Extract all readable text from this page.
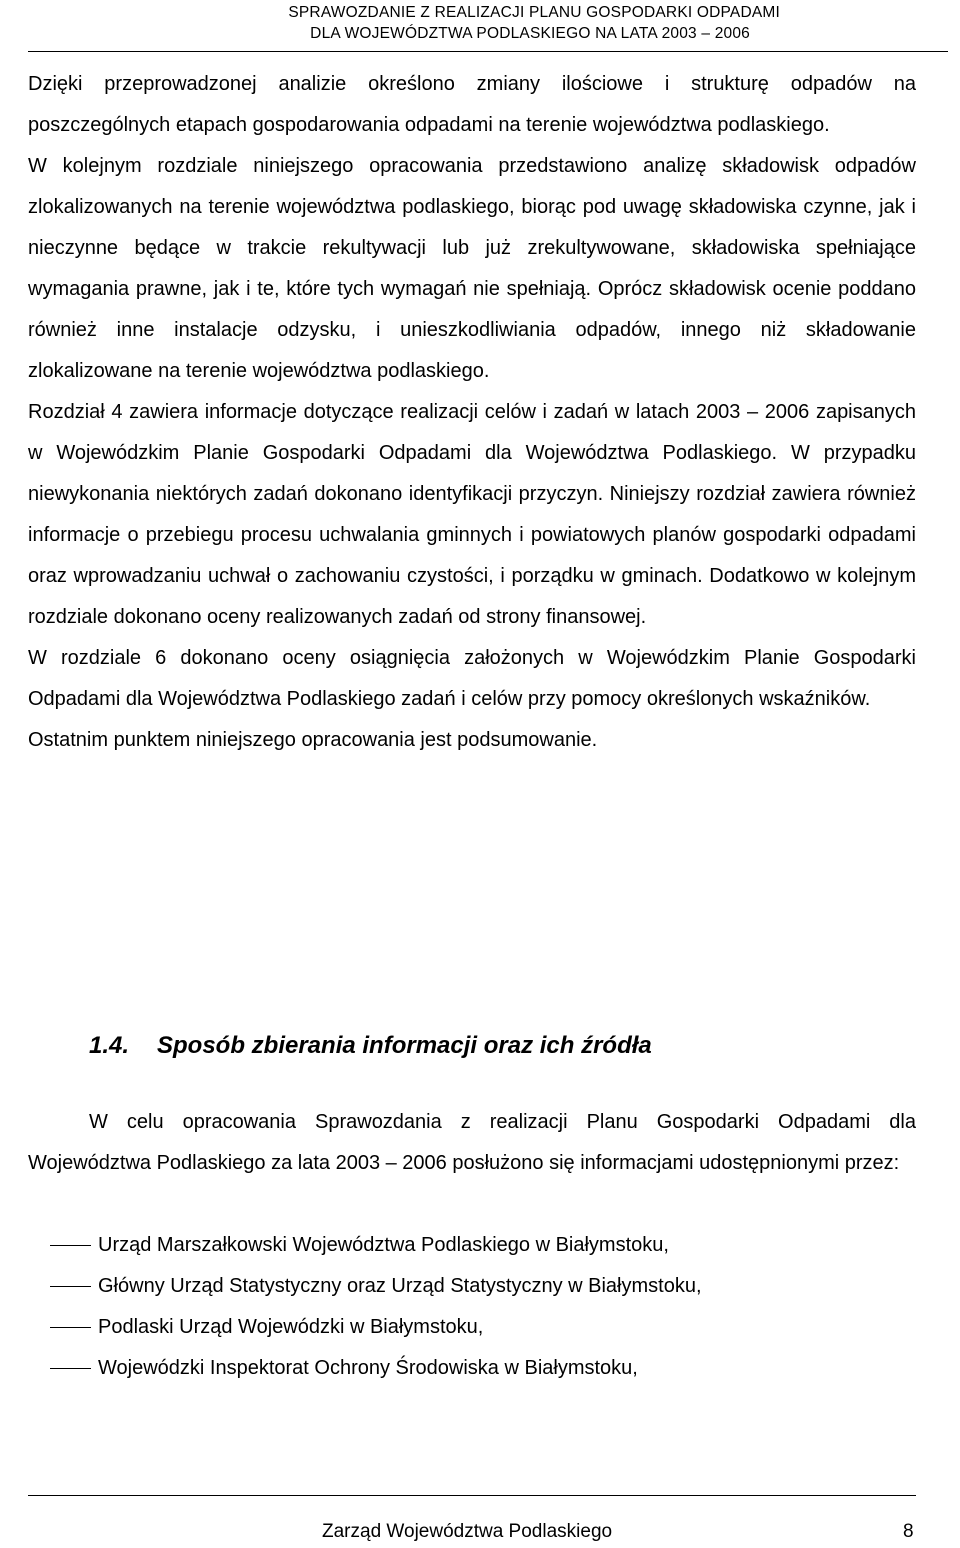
SPRAWOZDANIE Z REALIZACJI PLANU GOSPODARKI ODPADAMI
DLA WOJEWÓDZTWA PODLASKIEGO NA LATA 2003 – 2006

Dzięki przeprowadzonej analizie określono zmiany ilościowe i strukturę odpadów na poszczególnych etapach gospodarowania odpadami na terenie województwa podlaskiego.

W kolejnym rozdziale niniejszego opracowania przedstawiono analizę składowisk odpadów zlokalizowanych na terenie województwa podlaskiego, biorąc pod uwagę składowiska czynne, jak i nieczynne będące w trakcie rekultywacji lub już zrekultywowane, składowiska spełniające wymagania prawne, jak i te, które tych wymagań nie spełniają. Oprócz składowisk ocenie poddano również inne instalacje odzysku, i unieszkodliwiania odpadów, innego niż składowanie zlokalizowane na terenie województwa podlaskiego.

Rozdział 4 zawiera informacje dotyczące realizacji celów i zadań w latach 2003 – 2006 zapisanych w Wojewódzkim Planie Gospodarki Odpadami dla Województwa Podlaskiego. W przypadku niewykonania niektórych zadań dokonano identyfikacji przyczyn. Niniejszy rozdział zawiera również informacje o przebiegu procesu uchwalania gminnych i powiatowych planów gospodarki odpadami oraz wprowadzaniu uchwał o zachowaniu czystości, i porządku w gminach. Dodatkowo w kolejnym rozdziale dokonano oceny realizowanych zadań od strony finansowej.

W rozdziale 6 dokonano oceny osiągnięcia założonych w Wojewódzkim Planie Gospodarki Odpadami dla Województwa Podlaskiego zadań i celów przy pomocy określonych wskaźników.

Ostatnim punktem niniejszego opracowania jest podsumowanie.

1.4. Sposób zbierania informacji oraz ich źródła

W celu opracowania Sprawozdania z realizacji Planu Gospodarki Odpadami dla Województwa Podlaskiego za lata 2003 – 2006 posłużono się informacjami udostępnionymi przez:

Urząd Marszałkowski Województwa Podlaskiego w Białymstoku,
Główny Urząd Statystyczny oraz Urząd Statystyczny w Białymstoku,
Podlaski Urząd Wojewódzki w Białymstoku,
Wojewódzki Inspektorat Ochrony Środowiska w Białymstoku,
Zarząd Województwa Podlaskiego	8
